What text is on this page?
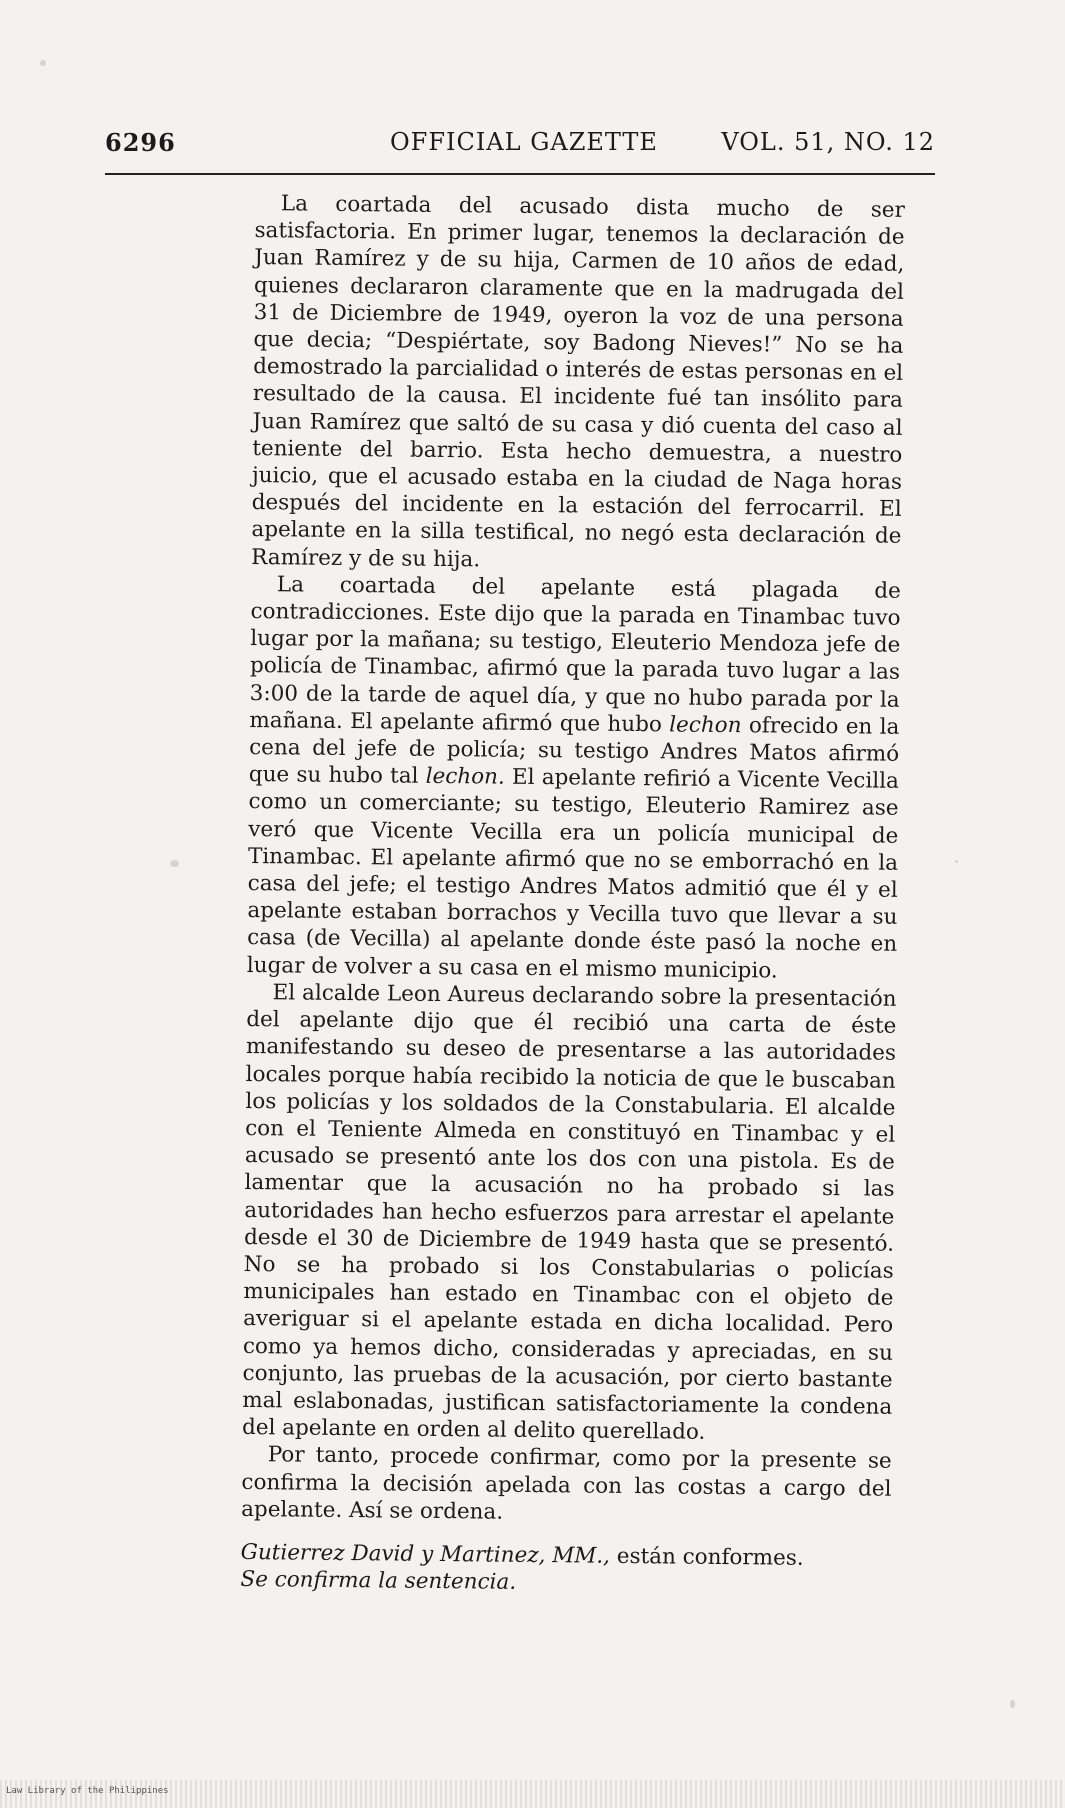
6296	OFFICIAL GAZETTE	VOL. 51, NO. 12

La coartada del acusado dista mucho de ser satisfactoria. En primer lugar, tenemos la declaración de Juan Ramírez y de su hija, Carmen de 10 años de edad, quienes declararon claramente que en la madrugada del 31 de Diciembre de 1949, oyeron la voz de una persona que decia; “Despiértate, soy Badong Nieves!” No se ha demostrado la parcialidad o interés de estas personas en el resultado de la causa. El incidente fué tan insólito para Juan Ramírez que saltó de su casa y dió cuenta del caso al teniente del barrio. Esta hecho demuestra, a nuestro juicio, que el acusado estaba en la ciudad de Naga horas después del incidente en la estación del ferrocarril. El apelante en la silla testifical, no negó esta declaración de Ramírez y de su hija.

La coartada del apelante está plagada de contradicciones. Este dijo que la parada en Tinambac tuvo lugar por la mañana; su testigo, Eleuterio Mendoza jefe de policía de Tinambac, afirmó que la parada tuvo lugar a las 3:00 de la tarde de aquel día, y que no hubo parada por la mañana. El apelante afirmó que hubo lechon ofrecido en la cena del jefe de policía; su testigo Andres Matos afirmó que su hubo tal lechon. El apelante refirió a Vicente Vecilla como un comerciante; su testigo, Eleuterio Ramirez ase veró que Vicente Vecilla era un policía municipal de Tinambac. El apelante afirmó que no se emborrachó en la casa del jefe; el testigo Andres Matos admitió que él y el apelante estaban borrachos y Vecilla tuvo que llevar a su casa (de Vecilla) al apelante donde éste pasó la noche en lugar de volver a su casa en el mismo municipio.

El alcalde Leon Aureus declarando sobre la presentación del apelante dijo que él recibió una carta de éste manifestando su deseo de presentarse a las autoridades locales porque había recibido la noticia de que le buscaban los policías y los soldados de la Constabularia. El alcalde con el Teniente Almeda en constituyó en Tinambac y el acusado se presentó ante los dos con una pistola. Es de lamentar que la acusación no ha probado si las autoridades han hecho esfuerzos para arrestar el apelante desde el 30 de Diciembre de 1949 hasta que se presentó. No se ha probado si los Constabularias o policías municipales han estado en Tinambac con el objeto de averiguar si el apelante estada en dicha localidad. Pero como ya hemos dicho, consideradas y apreciadas, en su conjunto, las pruebas de la acusación, por cierto bastante mal eslabonadas, justifican satisfactoriamente la condena del apelante en orden al delito querellado.

Por tanto, procede confirmar, como por la presente se confirma la decisión apelada con las costas a cargo del apelante. Así se ordena.

Gutierrez David y Martinez, MM., están conformes.

Se confirma la sentencia.

Law Library of the Philippines
